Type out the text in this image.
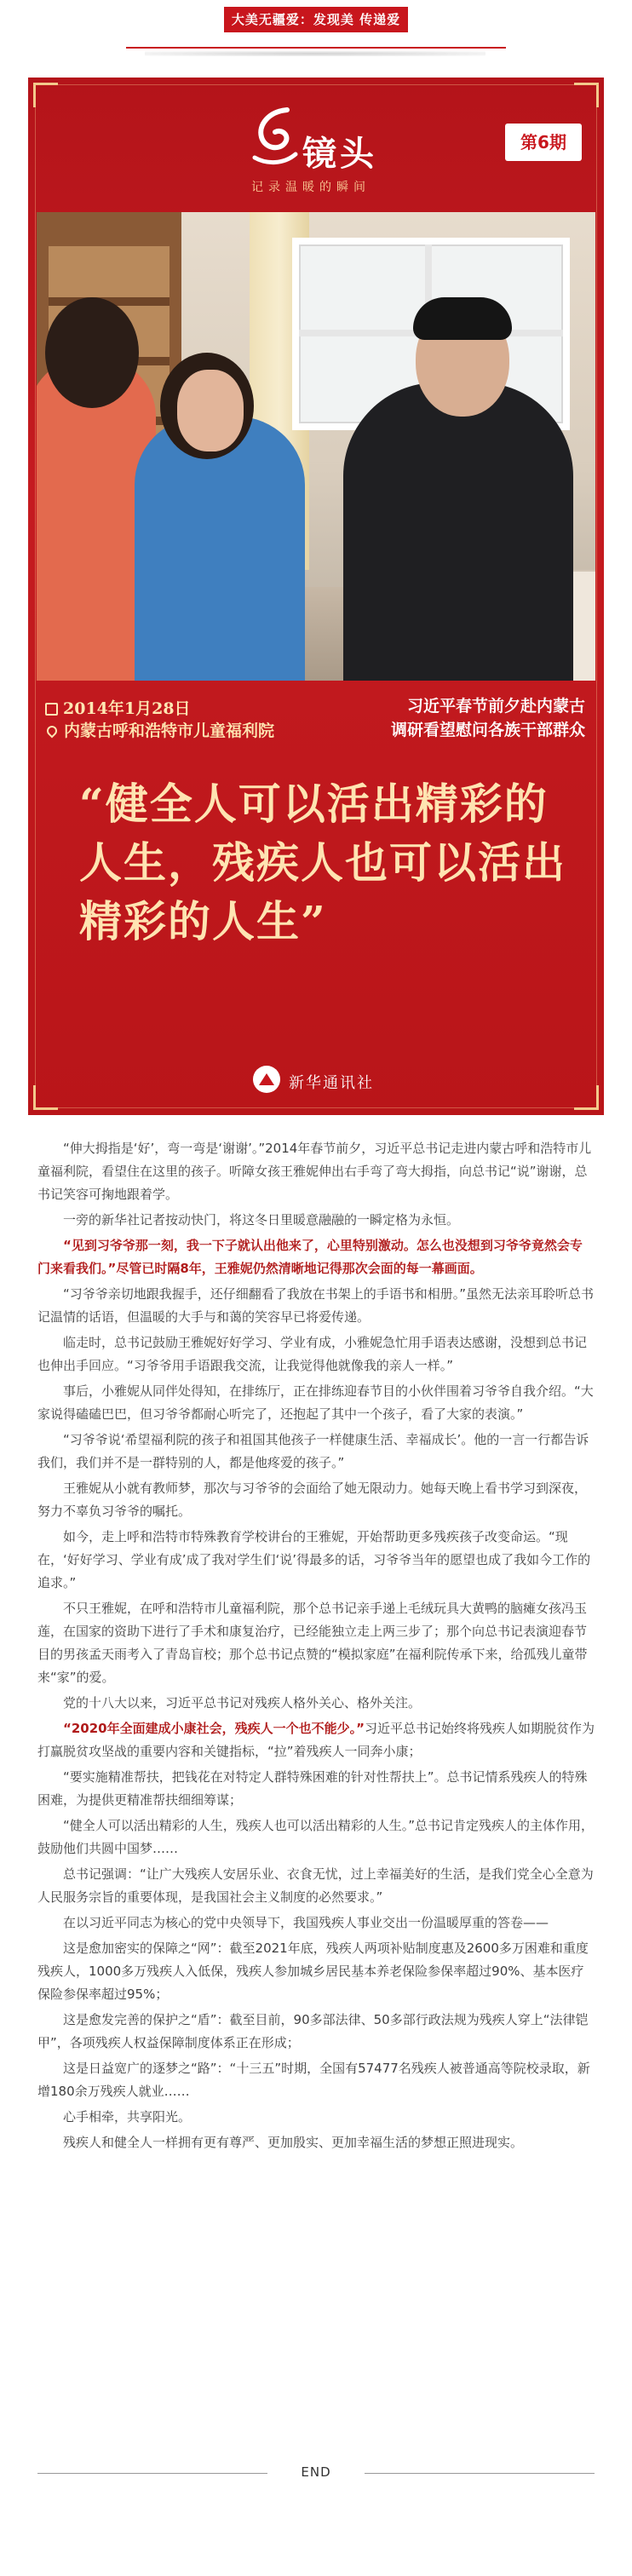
大美无疆爱：发现美 传递爱
镜头
记录温暖的瞬间
第6期
2014年1月28日
内蒙古呼和浩特市儿童福利院
习近平春节前夕赴内蒙古
调研看望慰问各族干部群众
“健全人可以活出精彩的人生，残疾人也可以活出精彩的人生”
新华通讯社

“伸大拇指是‘好’，弯一弯是‘谢谢’。”2014年春节前夕，习近平总书记走进内蒙古呼和浩特市儿童福利院，看望住在这里的孩子。听障女孩王雅妮伸出右手弯了弯大拇指，向总书记“说”谢谢，总书记笑容可掬地跟着学。

一旁的新华社记者按动快门，将这冬日里暖意融融的一瞬定格为永恒。

“见到习爷爷那一刻，我一下子就认出他来了，心里特别激动。怎么也没想到习爷爷竟然会专门来看我们。”尽管已时隔8年，王雅妮仍然清晰地记得那次会面的每一幕画面。

“习爷爷亲切地跟我握手，还仔细翻看了我放在书架上的手语书和相册。”虽然无法亲耳聆听总书记温情的话语，但温暖的大手与和蔼的笑容早已将爱传递。

临走时，总书记鼓励王雅妮好好学习、学业有成，小雅妮急忙用手语表达感谢，没想到总书记也伸出手回应。“习爷爷用手语跟我交流，让我觉得他就像我的亲人一样。”

事后，小雅妮从同伴处得知，在排练厅，正在排练迎春节目的小伙伴围着习爷爷自我介绍。“大家说得磕磕巴巴，但习爷爷都耐心听完了，还抱起了其中一个孩子，看了大家的表演。”

“习爷爷说‘希望福利院的孩子和祖国其他孩子一样健康生活、幸福成长’。他的一言一行都告诉我们，我们并不是一群特别的人，都是他疼爱的孩子。”

王雅妮从小就有教师梦，那次与习爷爷的会面给了她无限动力。她每天晚上看书学习到深夜，努力不辜负习爷爷的嘱托。

如今，走上呼和浩特市特殊教育学校讲台的王雅妮，开始帮助更多残疾孩子改变命运。“现在，‘好好学习、学业有成’成了我对学生们‘说’得最多的话，习爷爷当年的愿望也成了我如今工作的追求。”

不只王雅妮，在呼和浩特市儿童福利院，那个总书记亲手递上毛绒玩具大黄鸭的脑瘫女孩冯玉莲，在国家的资助下进行了手术和康复治疗，已经能独立走上两三步了；那个向总书记表演迎春节目的男孩孟天雨考入了青岛盲校；那个总书记点赞的“模拟家庭”在福利院传承下来，给孤残儿童带来“家”的爱。

党的十八大以来，习近平总书记对残疾人格外关心、格外关注。

“2020年全面建成小康社会，残疾人一个也不能少。”习近平总书记始终将残疾人如期脱贫作为打赢脱贫攻坚战的重要内容和关键指标，“拉”着残疾人一同奔小康；

“要实施精准帮扶，把钱花在对特定人群特殊困难的针对性帮扶上”。总书记情系残疾人的特殊困难，为提供更精准帮扶细细筹谋；

“健全人可以活出精彩的人生，残疾人也可以活出精彩的人生。”总书记肯定残疾人的主体作用，鼓励他们共圆中国梦……

总书记强调：“让广大残疾人安居乐业、衣食无忧，过上幸福美好的生活，是我们党全心全意为人民服务宗旨的重要体现，是我国社会主义制度的必然要求。”

在以习近平同志为核心的党中央领导下，我国残疾人事业交出一份温暖厚重的答卷——

这是愈加密实的保障之“网”：截至2021年底，残疾人两项补贴制度惠及2600多万困难和重度残疾人，1000多万残疾人入低保，残疾人参加城乡居民基本养老保险参保率超过90%、基本医疗保险参保率超过95%；

这是愈发完善的保护之“盾”：截至目前，90多部法律、50多部行政法规为残疾人穿上“法律铠甲”，各项残疾人权益保障制度体系正在形成；

这是日益宽广的逐梦之“路”：“十三五”时期，全国有57477名残疾人被普通高等院校录取，新增180余万残疾人就业……

心手相牵，共享阳光。

残疾人和健全人一样拥有更有尊严、更加殷实、更加幸福生活的梦想正照进现实。

END
